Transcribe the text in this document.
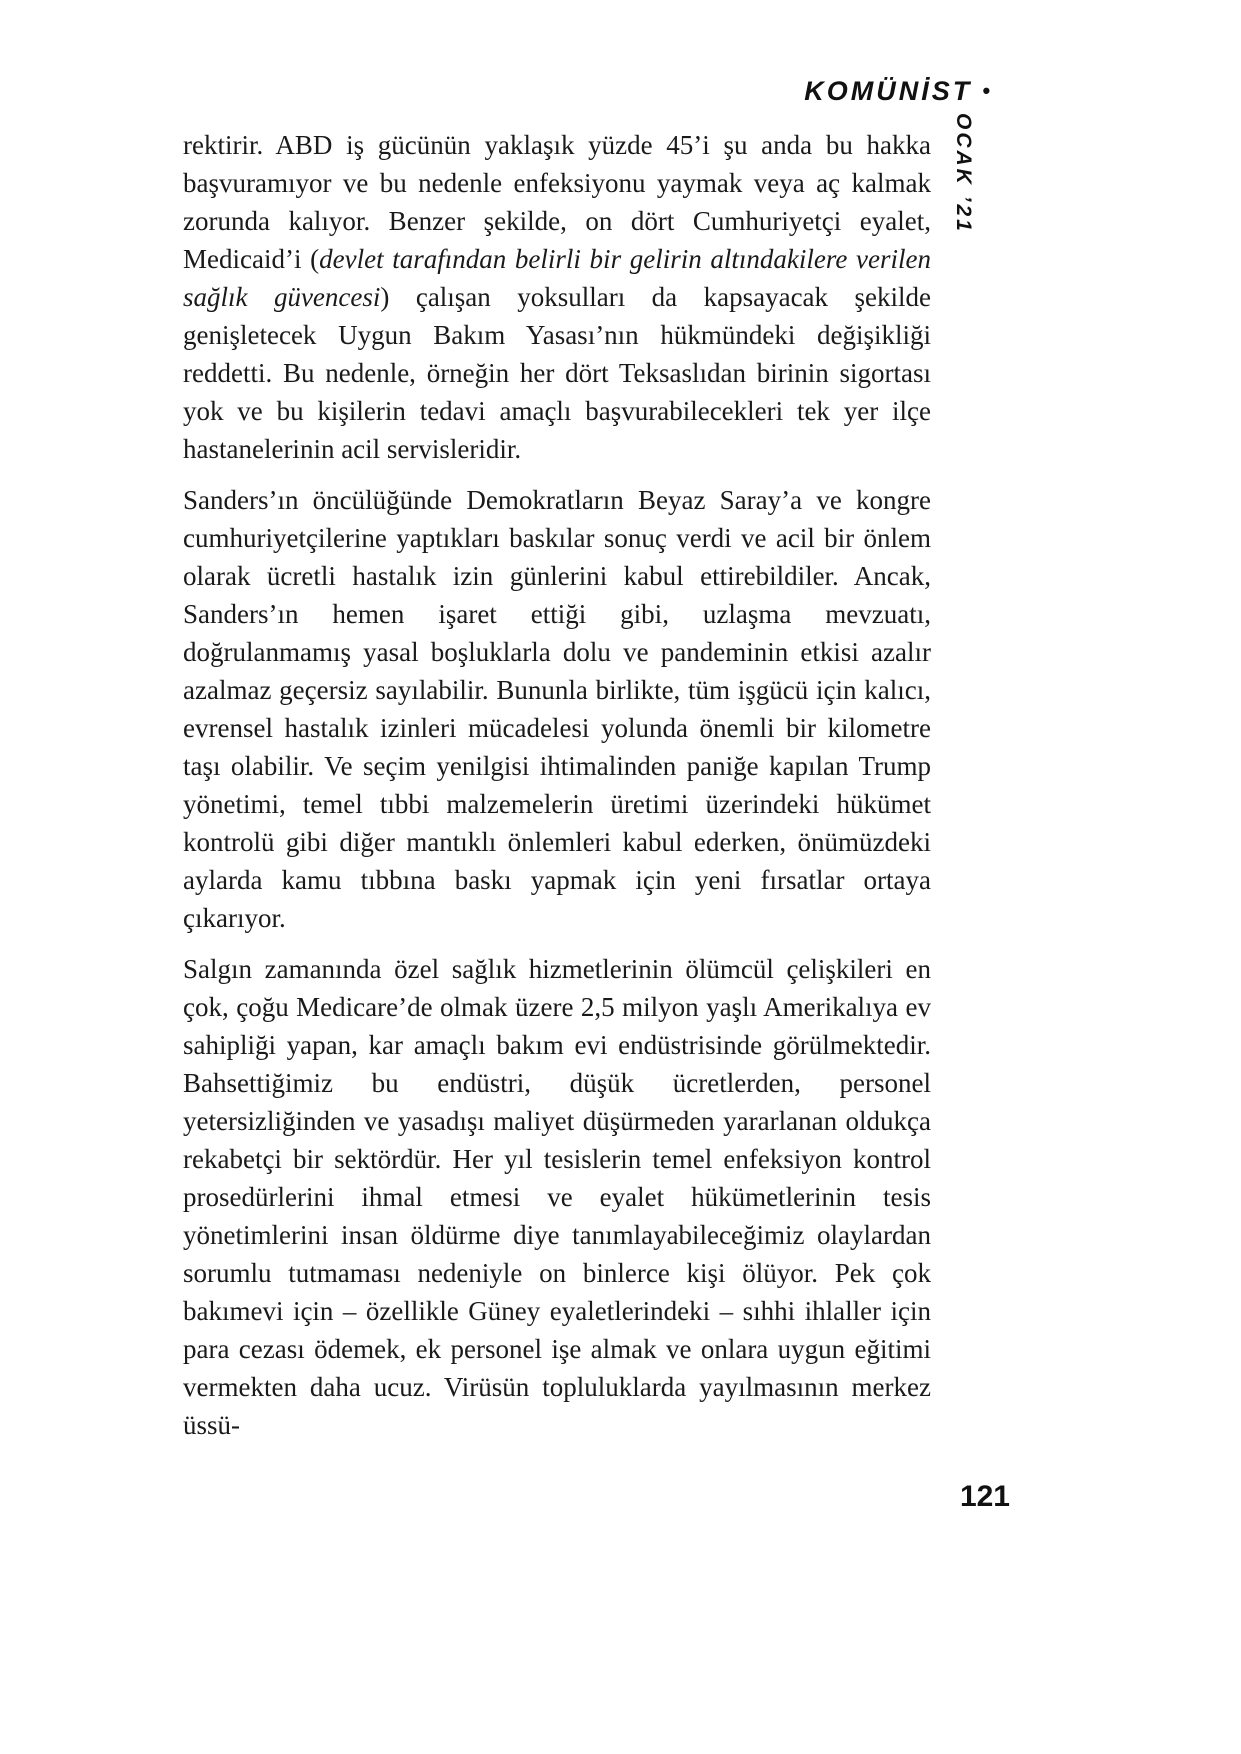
KOMÜNİST •
OCAK ’21

rektirir. ABD iş gücünün yaklaşık yüzde 45’i şu anda bu hakka başvuramıyor ve bu nedenle enfeksiyonu yaymak veya aç kalmak zorunda kalıyor. Benzer şekilde, on dört Cumhuriyetçi eyalet, Medicaid’i (devlet tarafından belirli bir gelirin altındakilere verilen sağlık güvencesi) çalışan yoksulları da kapsayacak şekilde genişletecek Uygun Bakım Yasası’nın hükmündeki değişikliği reddetti. Bu nedenle, örneğin her dört Teksaslıdan birinin sigortası yok ve bu kişilerin tedavi amaçlı başvurabilecekleri tek yer ilçe hastanelerinin acil servisleridir.

Sanders’ın öncülüğünde Demokratların Beyaz Saray’a ve kongre cumhuriyetçilerine yaptıkları baskılar sonuç verdi ve acil bir önlem olarak ücretli hastalık izin günlerini kabul ettirebildiler. Ancak, Sanders’ın hemen işaret ettiği gibi, uzlaşma mevzuatı, doğrulanmamış yasal boşluklarla dolu ve pandeminin etkisi azalır azalmaz geçersiz sayılabilir. Bununla birlikte, tüm işgücü için kalıcı, evrensel hastalık izinleri mücadelesi yolunda önemli bir kilometre taşı olabilir. Ve seçim yenilgisi ihtimalinden paniğe kapılan Trump yönetimi, temel tıbbi malzemelerin üretimi üzerindeki hükümet kontrolü gibi diğer mantıklı önlemleri kabul ederken, önümüzdeki aylarda kamu tıbbına baskı yapmak için yeni fırsatlar ortaya çıkarıyor.

Salgın zamanında özel sağlık hizmetlerinin ölümcül çelişkileri en çok, çoğu Medicare’de olmak üzere 2,5 milyon yaşlı Amerikalıya ev sahipliği yapan, kar amaçlı bakım evi endüstrisinde görülmektedir. Bahsettiğimiz bu endüstri, düşük ücretlerden, personel yetersizliğinden ve yasadışı maliyet düşürmeden yararlanan oldukça rekabetçi bir sektördür. Her yıl tesislerin temel enfeksiyon kontrol prosedürlerini ihmal etmesi ve eyalet hükümetlerinin tesis yönetimlerini insan öldürme diye tanımlayabileceğimiz olaylardan sorumlu tutmaması nedeniyle on binlerce kişi ölüyor. Pek çok bakımevi için – özellikle Güney eyaletlerindeki – sıhhi ihlaller için para cezası ödemek, ek personel işe almak ve onlara uygun eğitimi vermekten daha ucuz. Virüsün topluluklarda yayılmasının merkez üssü-

121
